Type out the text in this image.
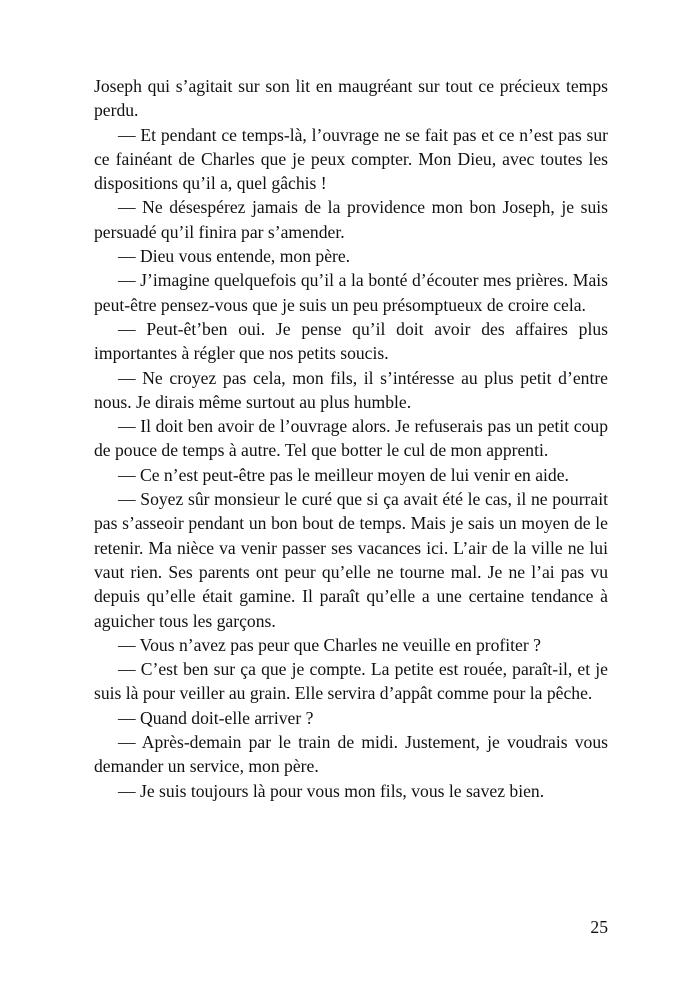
Joseph qui s’agitait sur son lit en maugréant sur tout ce précieux temps perdu.

— Et pendant ce temps-là, l’ouvrage ne se fait pas et ce n’est pas sur ce fainéant de Charles que je peux compter. Mon Dieu, avec toutes les dispositions qu’il a, quel gâchis !

— Ne désespérez jamais de la providence mon bon Joseph, je suis persuadé qu’il finira par s’amender.

— Dieu vous entende, mon père.

— J’imagine quelquefois qu’il a la bonté d’écouter mes prières. Mais peut-être pensez-vous que je suis un peu présomptueux de croire cela.

— Peut-êt’ben oui. Je pense qu’il doit avoir des affaires plus importantes à régler que nos petits soucis.

— Ne croyez pas cela, mon fils, il s’intéresse au plus petit d’entre nous. Je dirais même surtout au plus humble.

— Il doit ben avoir de l’ouvrage alors. Je refuserais pas un petit coup de pouce de temps à autre. Tel que botter le cul de mon apprenti.

— Ce n’est peut-être pas le meilleur moyen de lui venir en aide.

— Soyez sûr monsieur le curé que si ça avait été le cas, il ne pourrait pas s’asseoir pendant un bon bout de temps. Mais je sais un moyen de le retenir. Ma nièce va venir passer ses vacances ici. L’air de la ville ne lui vaut rien. Ses parents ont peur qu’elle ne tourne mal. Je ne l’ai pas vu depuis qu’elle était gamine. Il paraît qu’elle a une certaine tendance à aguicher tous les garçons.

— Vous n’avez pas peur que Charles ne veuille en profiter ?

— C’est ben sur ça que je compte. La petite est rouée, paraît-il, et je suis là pour veiller au grain. Elle servira d’appât comme pour la pêche.

— Quand doit-elle arriver ?

— Après-demain par le train de midi. Justement, je voudrais vous demander un service, mon père.

— Je suis toujours là pour vous mon fils, vous le savez bien.

25
